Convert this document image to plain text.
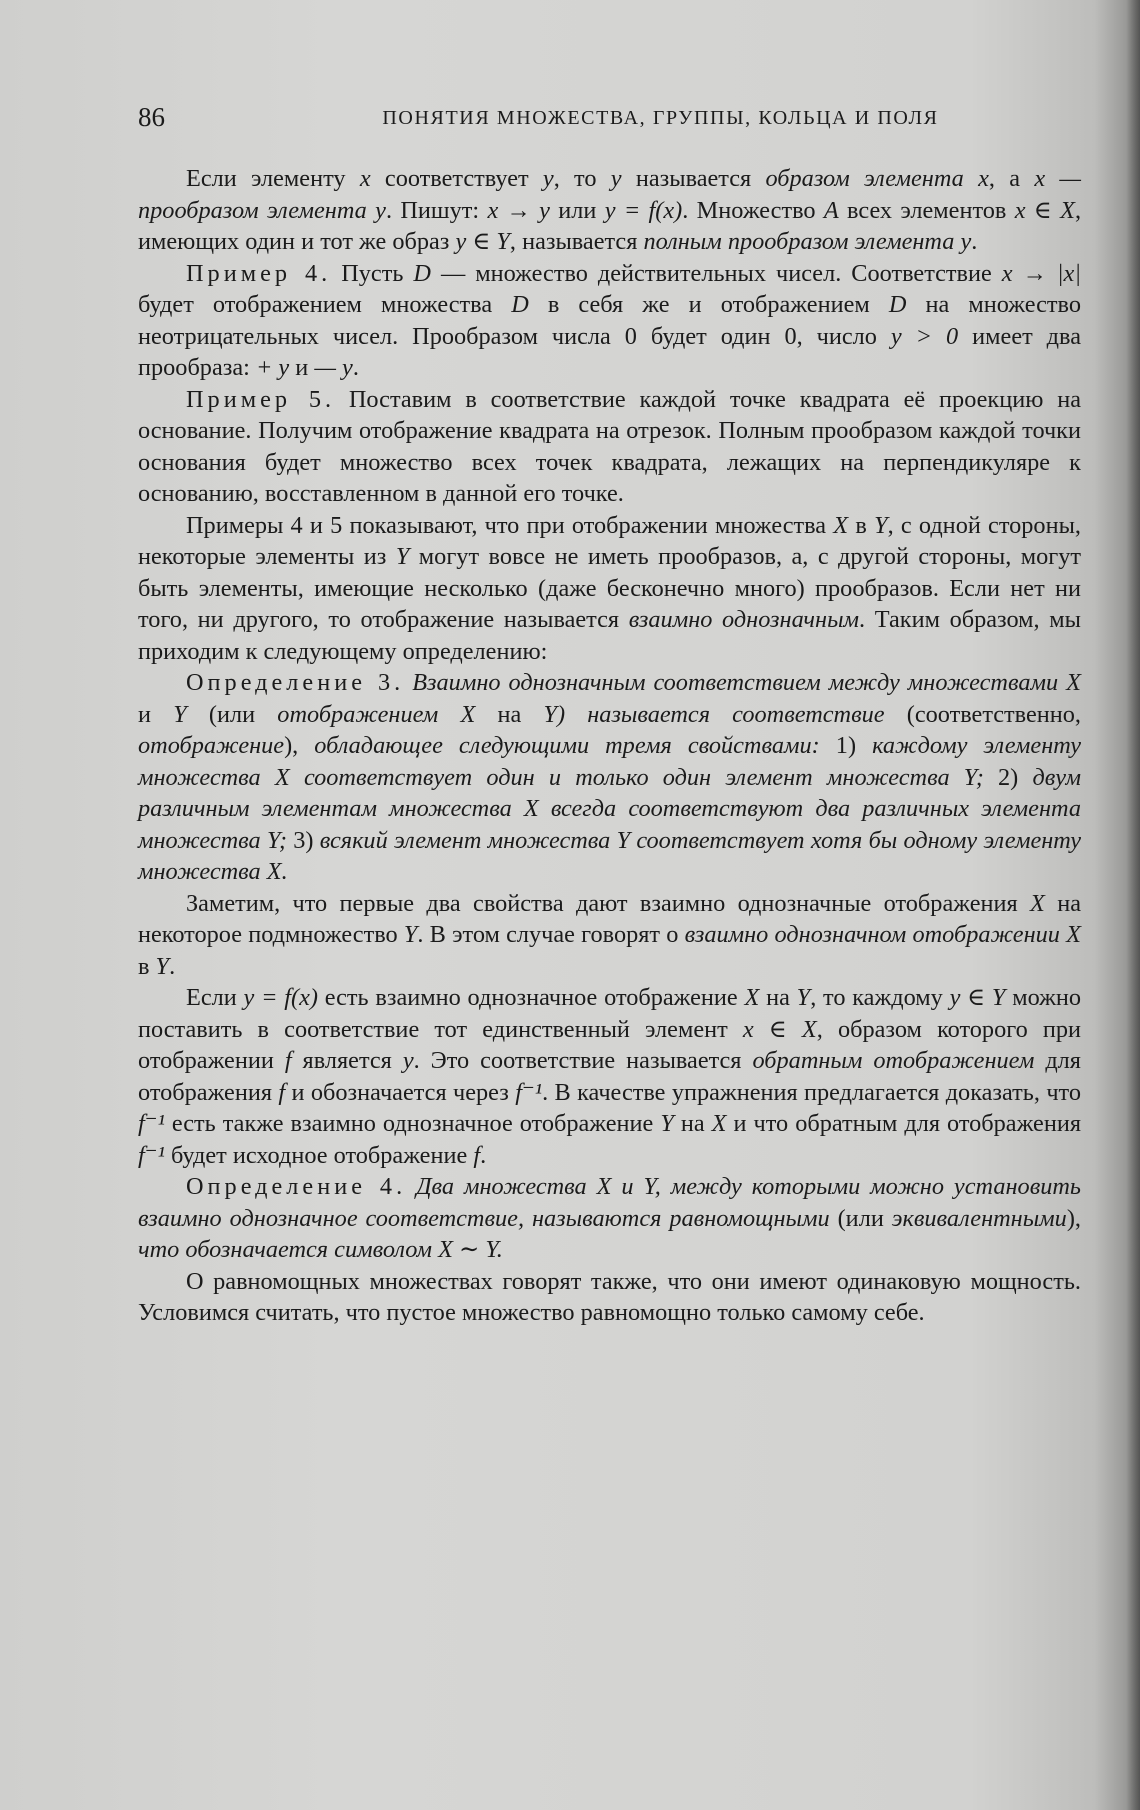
86	ПОНЯТИЯ МНОЖЕСТВА, ГРУППЫ, КОЛЬЦА И ПОЛЯ

Если элементу x соответствует y, то y называется образом элемента x, а x — прообразом элемента y. Пишут: x → y или y = f(x). Множество A всех элементов x ∈ X, имеющих один и тот же образ y ∈ Y, называется полным прообразом элемента y.

Пример 4. Пусть D — множество действительных чисел. Соответствие x → |x| будет отображением множества D в себя же и отображением D на множество неотрицательных чисел. Прообразом числа 0 будет один 0, число y > 0 имеет два прообраза: + y и — y.

Пример 5. Поставим в соответствие каждой точке квадрата её проекцию на основание. Получим отображение квадрата на отрезок. Полным прообразом каждой точки основания будет множество всех точек квадрата, лежащих на перпендикуляре к основанию, восставленном в данной его точке.

Примеры 4 и 5 показывают, что при отображении множества X в Y, с одной стороны, некоторые элементы из Y могут вовсе не иметь прообразов, а, с другой стороны, могут быть элементы, имеющие несколько (даже бесконечно много) прообразов. Если нет ни того, ни другого, то отображение называется взаимно однозначным. Таким образом, мы приходим к следующему определению:

Определение 3. Взаимно однозначным соответствием между множествами X и Y (или отображением X на Y) называется соответствие (соответственно, отображение), обладающее следующими тремя свойствами: 1) каждому элементу множества X соответствует один и только один элемент множества Y; 2) двум различным элементам множества X всегда соответствуют два различных элемента множества Y; 3) всякий элемент множества Y соответствует хотя бы одному элементу множества X.

Заметим, что первые два свойства дают взаимно однозначные отображения X на некоторое подмножество Y. В этом случае говорят о взаимно однозначном отображении X в Y.

Если y = f(x) есть взаимно однозначное отображение X на Y, то каждому y ∈ Y можно поставить в соответствие тот единственный элемент x ∈ X, образом которого при отображении f является y. Это соответствие называется обратным отображением для отображения f и обозначается через f⁻¹. В качестве упражнения предлагается доказать, что f⁻¹ есть также взаимно однозначное отображение Y на X и что обратным для отображения f⁻¹ будет исходное отображение f.

Определение 4. Два множества X и Y, между которыми можно установить взаимно однозначное соответствие, называются равномощными (или эквивалентными), что обозначается символом X ∼ Y.

О равномощных множествах говорят также, что они имеют одинаковую мощность. Условимся считать, что пустое множество равномощно только самому себе.
